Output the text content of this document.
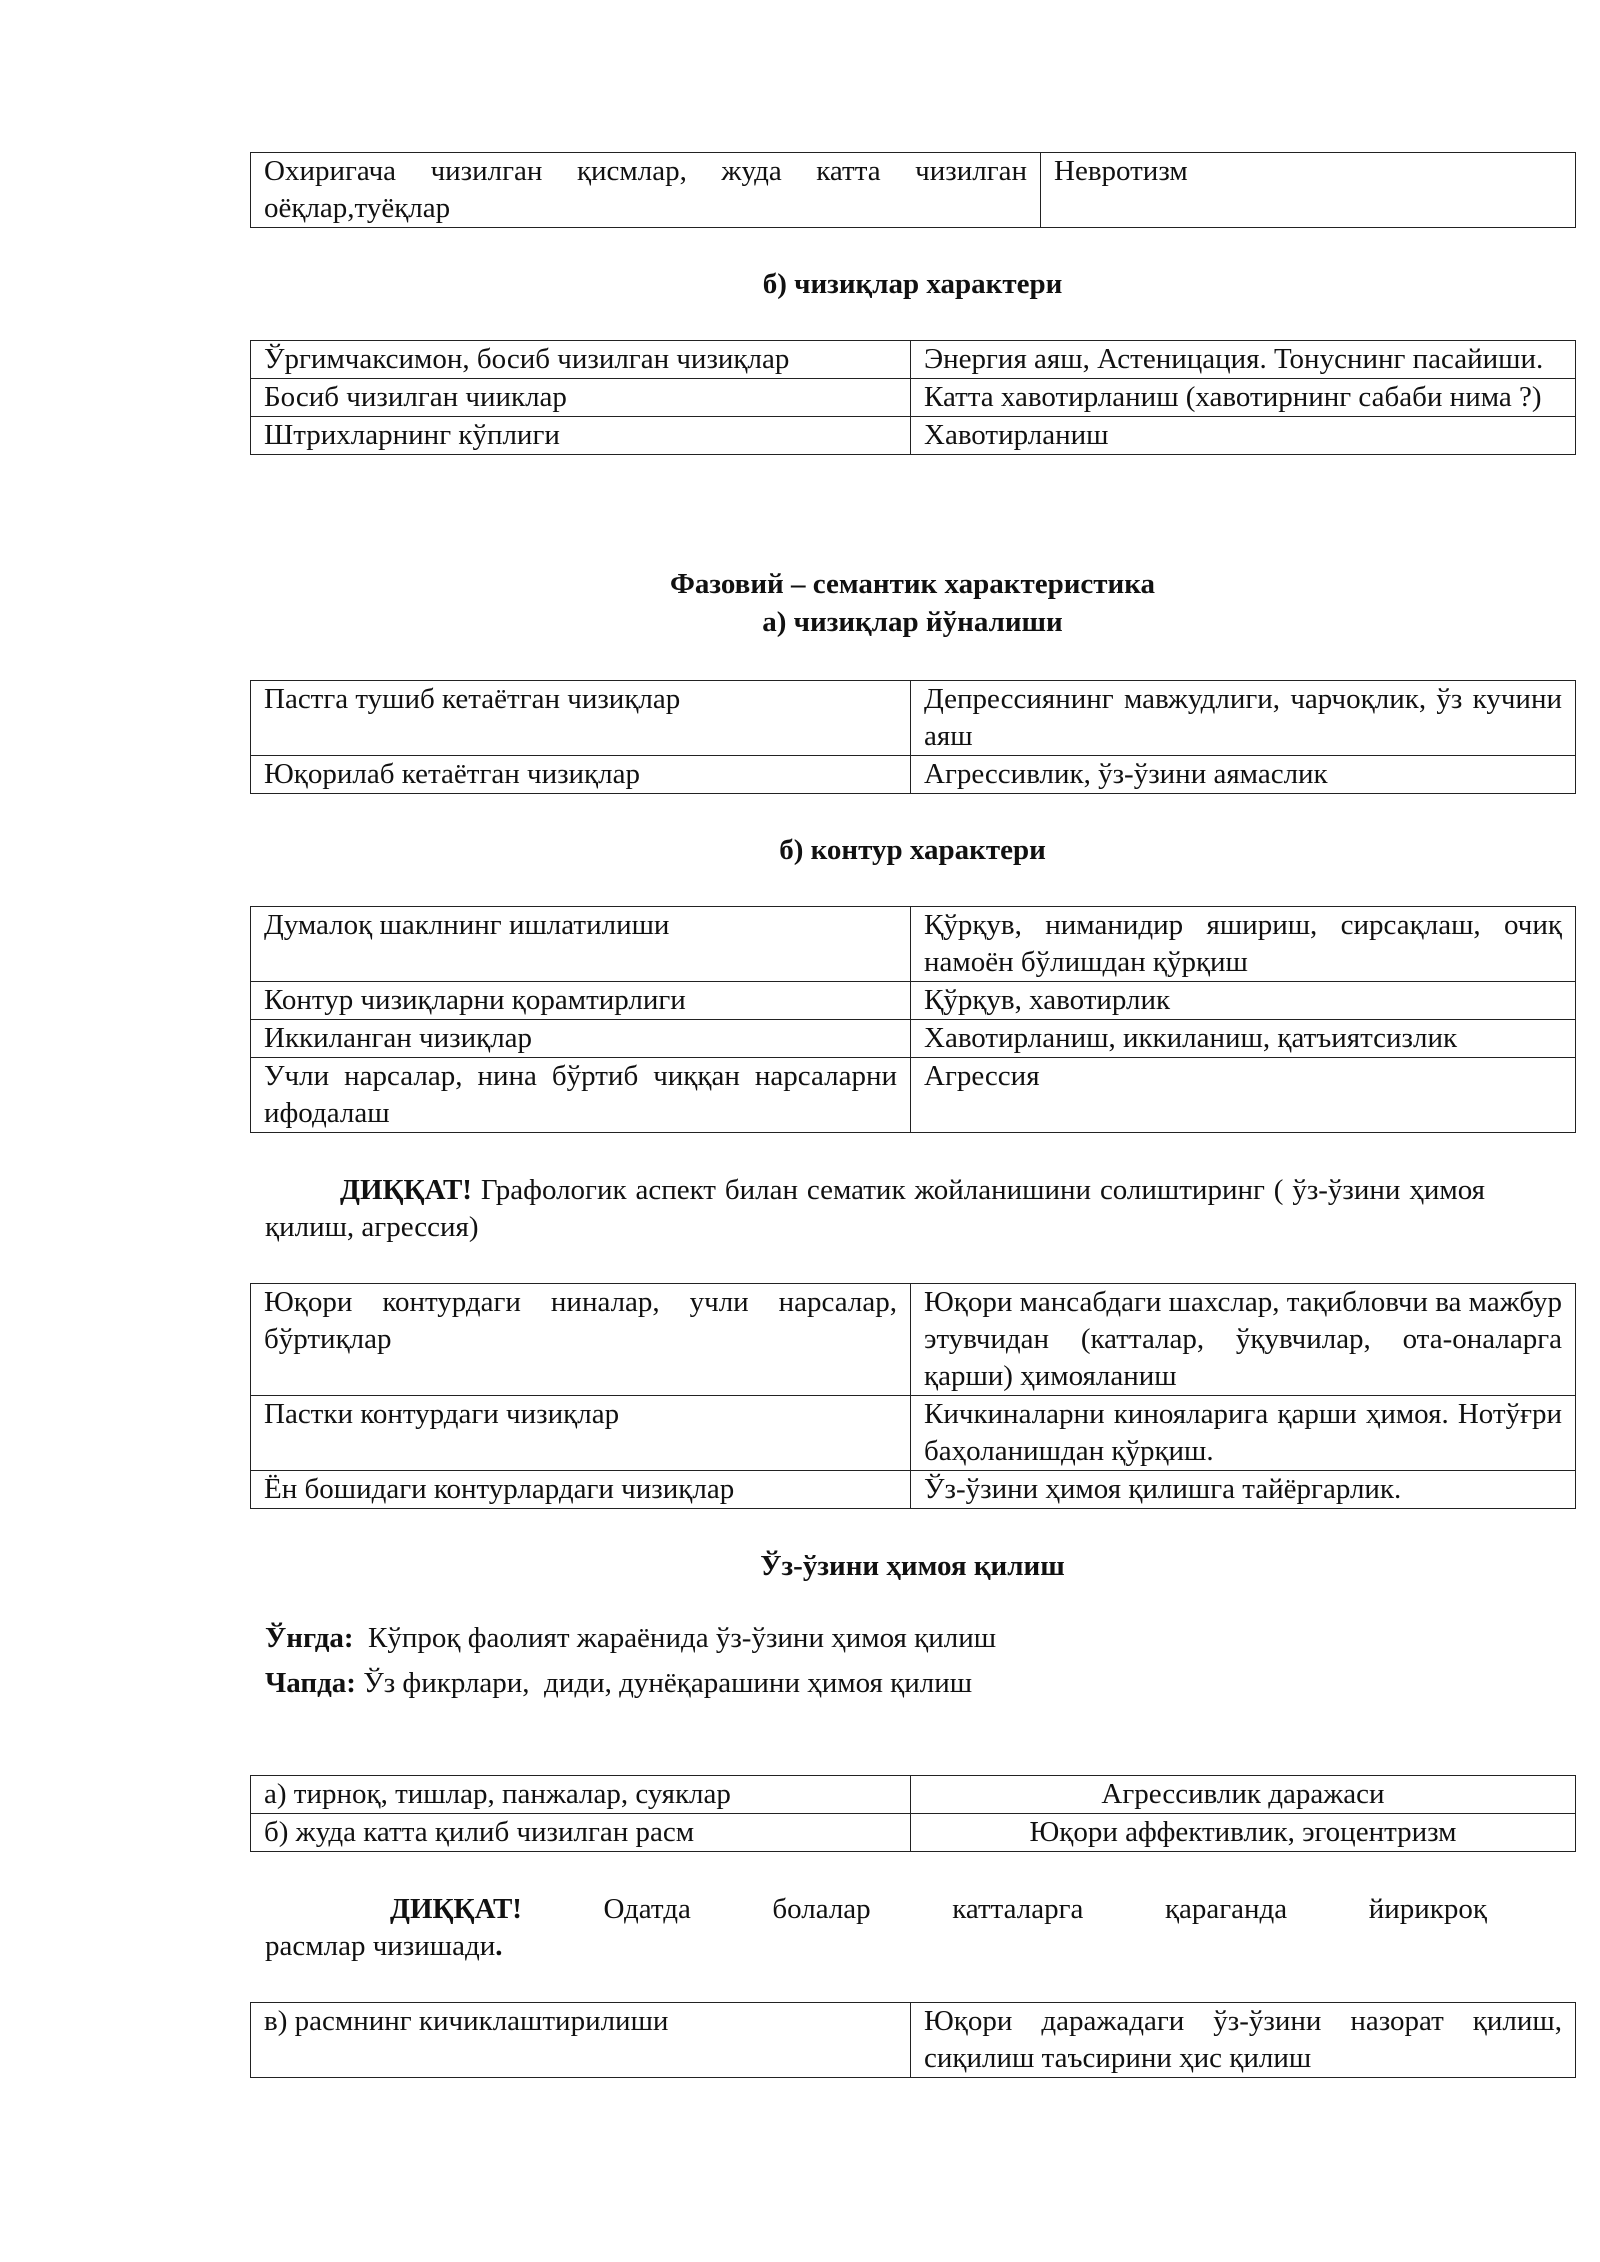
Охиригача чизилган қисмлар, жуда катта чизилган оёқлар,туёқлар	Невротизм
б) чизиқлар характери
Ўргимчаксимон, босиб чизилган чизиқлар	Энергия аяш, Астеницация. Тонуснинг пасайиши.
Босиб чизилган чииклар	Катта хавотирланиш (хавотирнинг сабаби нима ?)
Штрихларнинг кўплиги	Хавотирланиш
Фазовий – семантик характеристика
а) чизиқлар йўналиши
Пастга тушиб кетаётган чизиқлар	Депрессиянинг мавжудлиги, чарчоқлик, ўз кучини аяш
Юқорилаб кетаётган чизиқлар	Агрессивлик, ўз-ўзини аямаслик
б) контур характери
Думалоқ шаклнинг ишлатилиши	Қўрқув, ниманидир яшириш, сирсақлаш, очиқ намоён бўлишдан қўрқиш
Контур чизиқларни қорамтирлиги	Қўрқув, хавотирлик
Иккиланган чизиқлар	Хавотирланиш, иккиланиш, қатъиятсизлик
Учли нарсалар, нина бўртиб чиққан нарсаларни ифодалаш	Агрессия
ДИҚҚАТ! Графологик аспект билан сематик жойланишини солиштиринг ( ўз-ўзини ҳимоя қилиш, агрессия)
Юқори контурдаги ниналар, учли нарсалар, бўртиқлар	Юқори мансабдаги шахслар, тақибловчи ва мажбур этувчидан (катталар, ўқувчилар, ота-оналарга қарши) ҳимояланиш
Пастки контурдаги чизиқлар	Кичкиналарни кинояларига қарши ҳимоя. Нотўғри баҳоланишдан қўрқиш.
Ён бошидаги контурлардаги чизиқлар	Ўз-ўзини ҳимоя қилишга тайёргарлик.
Ўз-ўзини ҳимоя қилиш
Ўнгда:  Кўпроқ фаолият жараёнида ўз-ўзини ҳимоя қилиш
Чапда: Ўз фикрлари,  диди, дунёқарашини ҳимоя қилиш
а) тирноқ, тишлар, панжалар, суяклар	Агрессивлик даражаси
б) жуда катта қилиб чизилган расм	Юқори аффективлик, эгоцентризм
ДИҚҚАТ!	Одатда	болалар	катталарга	қараганда	йирикроқ
расмлар чизишади.
в) расмнинг кичиклаштирилиши	Юқори даражадаги ўз-ўзини назорат қилиш, сиқилиш таъсирини ҳис қилиш
